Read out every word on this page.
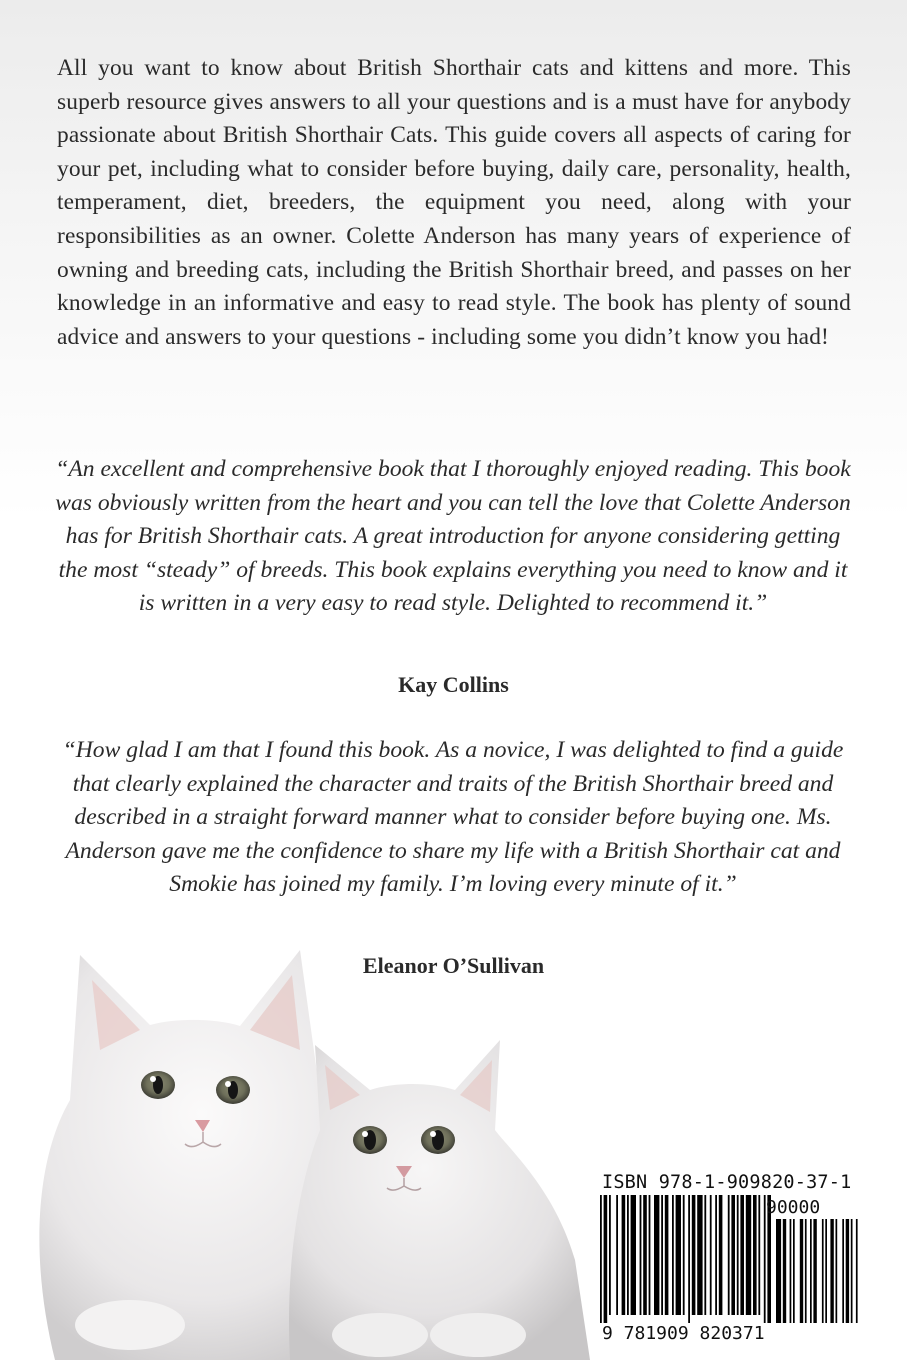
All you want to know about British Shorthair cats and kittens and more. This superb resource gives answers to all your questions and is a must have for anybody passionate about British Shorthair Cats. This guide covers all aspects of caring for your pet, including what to consider before buying, daily care, personality, health, temperament, diet, breeders, the equipment you need, along with your responsibilities as an owner. Colette Anderson has many years of experience of owning and breeding cats, including the British Shorthair breed, and passes on her knowledge in an informative and easy to read style. The book has plenty of sound advice and answers to your questions - including some you didn’t know you had!

“An excellent and comprehensive book that I thoroughly enjoyed reading. This book was obviously written from the heart and you can tell the love that Colette Anderson has for British Shorthair cats. A great introduction for anyone considering getting the most “steady” of breeds. This book explains everything you need to know and it is written in a very easy to read style. Delighted to recommend it.”

Kay Collins

“How glad I am that I found this book. As a novice, I was delighted to find a guide that clearly explained the character and traits of the British Shorthair breed and described in a straight forward manner what to consider before buying one. Ms. Anderson gave me the confidence to share my life with a British Shorthair cat and Smokie has joined my family. I’m loving every minute of it.”

Eleanor O’Sullivan

ISBN 978-1-909820-37-1
90000
9 781909 820371
